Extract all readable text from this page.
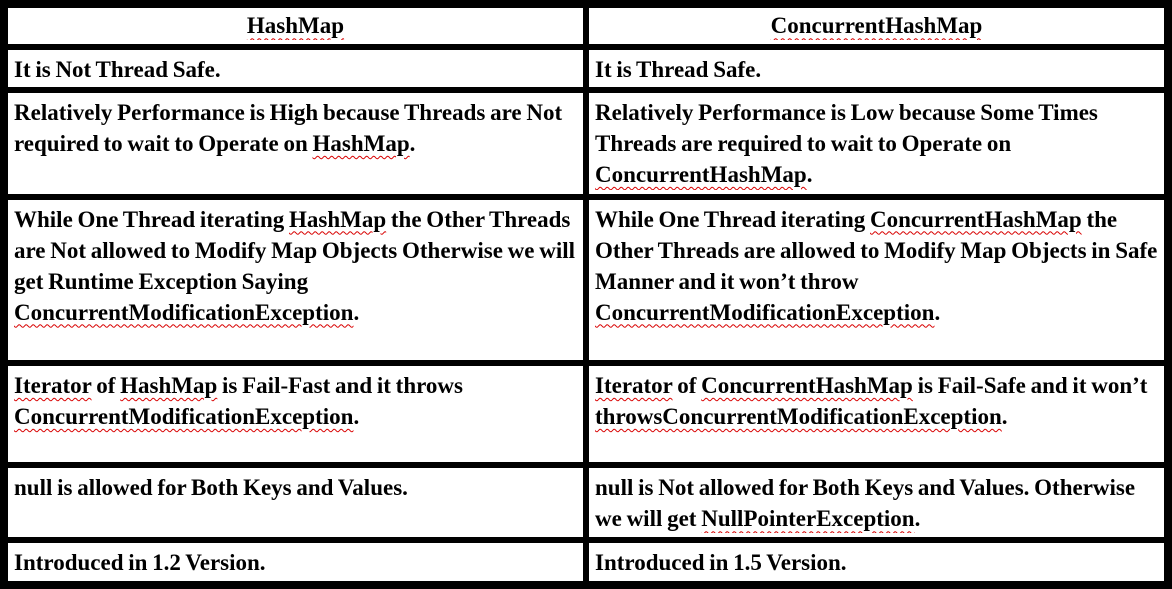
HashMap	ConcurrentHashMap
It is Not Thread Safe.	It is Thread Safe.
Relatively Performance is High because Threads are Not required to wait to Operate on HashMap.	Relatively Performance is Low because Some Times Threads are required to wait to Operate on ConcurrentHashMap.
While One Thread iterating HashMap the Other Threads are Not allowed to Modify Map Objects Otherwise we will get Runtime Exception Saying ConcurrentModificationException.	While One Thread iterating ConcurrentHashMap the Other Threads are allowed to Modify Map Objects in Safe Manner and it won’t throw ConcurrentModificationException.
Iterator of HashMap is Fail-Fast and it throws ConcurrentModificationException.	Iterator of ConcurrentHashMap is Fail-Safe and it won’t throwsConcurrentModificationException.
null is allowed for Both Keys and Values.	null is Not allowed for Both Keys and Values. Otherwise we will get NullPointerException.
Introduced in 1.2 Version.	Introduced in 1.5 Version.
